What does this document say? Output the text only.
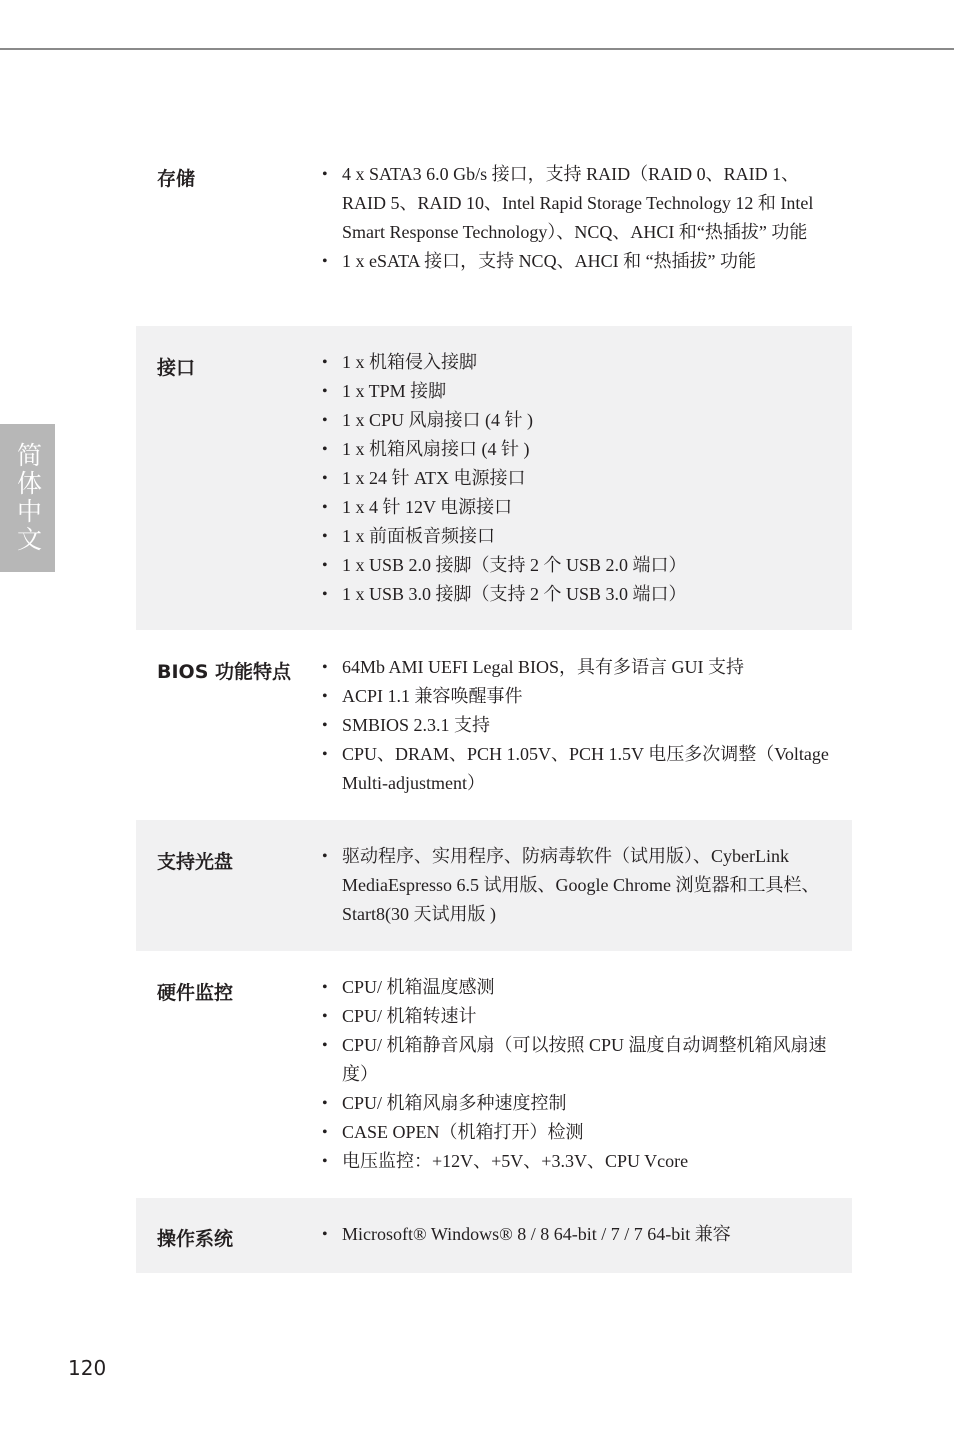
简体中文
存储	• 4 x SATA3 6.0 Gb/s 接口，支持 RAID（RAID 0、RAID 1、RAID 5、RAID 10、Intel Rapid Storage Technology 12 和 Intel Smart Response Technology）、NCQ、AHCI 和“热插拔” 功能
• 1 x eSATA 接口，支持 NCQ、AHCI 和 “热插拔” 功能
接口	• 1 x 机箱侵入接脚
• 1 x TPM 接脚
• 1 x CPU 风扇接口 (4 针 )
• 1 x 机箱风扇接口 (4 针 )
• 1 x 24 针 ATX 电源接口
• 1 x 4 针 12V 电源接口
• 1 x 前面板音频接口
• 1 x USB 2.0 接脚（支持 2 个 USB 2.0 端口）
• 1 x USB 3.0 接脚（支持 2 个 USB 3.0 端口）
BIOS 功能特点 • 64Mb AMI UEFI Legal BIOS，具有多语言 GUI 支持
• ACPI 1.1 兼容唤醒事件
• SMBIOS 2.3.1 支持
• CPU、DRAM、PCH 1.05V、PCH 1.5V 电压多次调整（Voltage Multi-adjustment）
支持光盘	• 驱动程序、实用程序、防病毒软件（试用版）、CyberLink MediaEspresso 6.5 试用版、Google Chrome 浏览器和工具栏、Start8(30 天试用版 )
硬件监控	• CPU/ 机箱温度感测
• CPU/ 机箱转速计
• CPU/ 机箱静音风扇（可以按照 CPU 温度自动调整机箱风扇速度）
• CPU/ 机箱风扇多种速度控制
• CASE OPEN（机箱打开）检测
• 电压监控：+12V、+5V、+3.3V、CPU Vcore
操作系统	• Microsoft® Windows® 8 / 8 64-bit / 7 / 7 64-bit 兼容
120
